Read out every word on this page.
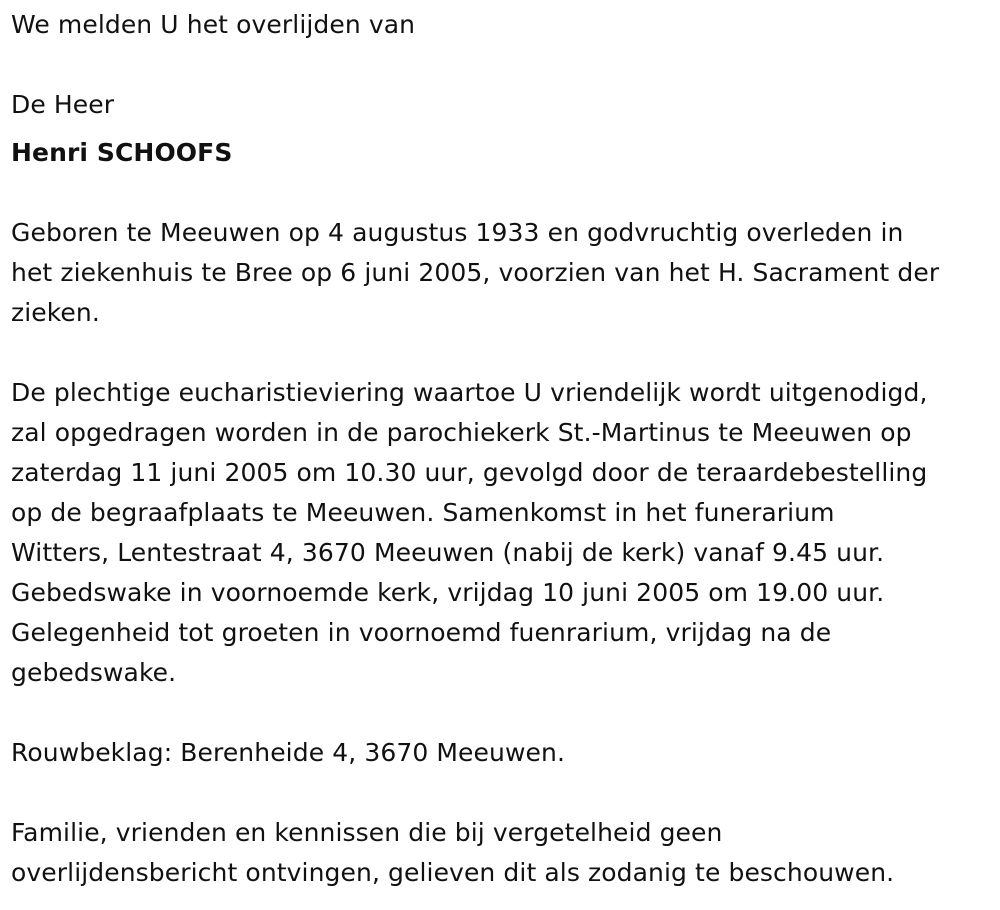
We melden U het overlijden van
De Heer
Henri SCHOOFS
Geboren te Meeuwen op 4 augustus 1933 en godvruchtig overleden in
het ziekenhuis te Bree op 6 juni 2005, voorzien van het H. Sacrament der
zieken.
De plechtige eucharistieviering waartoe U vriendelijk wordt uitgenodigd,
zal opgedragen worden in de parochiekerk St.-Martinus te Meeuwen op
zaterdag 11 juni 2005 om 10.30 uur, gevolgd door de teraardebestelling
op de begraafplaats te Meeuwen. Samenkomst in het funerarium
Witters, Lentestraat 4, 3670 Meeuwen (nabij de kerk) vanaf 9.45 uur.
Gebedswake in voornoemde kerk, vrijdag 10 juni 2005 om 19.00 uur.
Gelegenheid tot groeten in voornoemd fuenrarium, vrijdag na de
gebedswake.
Rouwbeklag: Berenheide 4, 3670 Meeuwen.
Familie, vrienden en kennissen die bij vergetelheid geen
overlijdensbericht ontvingen, gelieven dit als zodanig te beschouwen.
